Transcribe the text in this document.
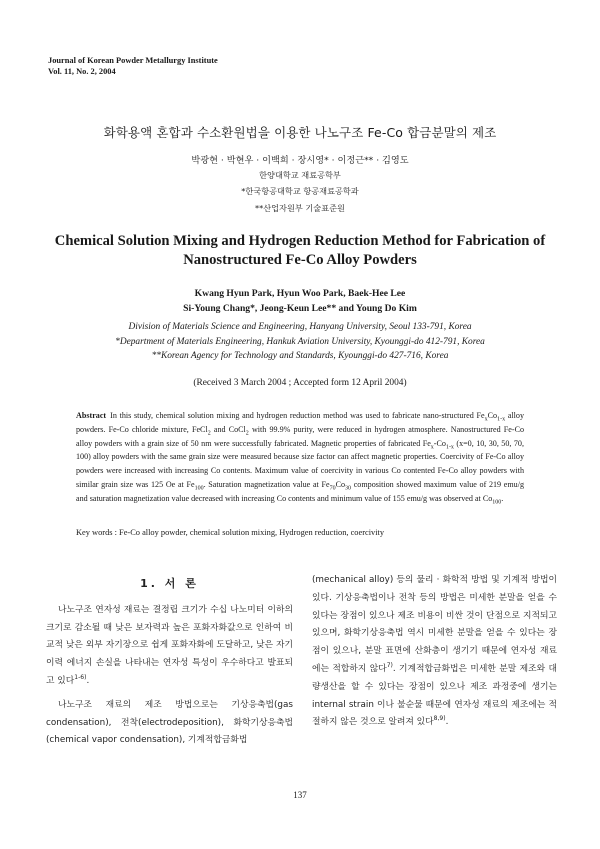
Journal of Korean Powder Metallurgy Institute
Vol. 11, No. 2, 2004
화학용액 혼합과 수소환원법을 이용한 나노구조 Fe-Co 합금분말의 제조
박광현 · 박현우 · 이백희 · 장시영* · 이정근** · 김영도
한양대학교 재료공학부
*한국항공대학교 항공재료공학과
**산업자원부 기술표준원
Chemical Solution Mixing and Hydrogen Reduction Method for Fabrication of
Nanostructured Fe-Co Alloy Powders
Kwang Hyun Park, Hyun Woo Park, Baek-Hee Lee
Si-Young Chang*, Jeong-Keun Lee** and Young Do Kim
Division of Materials Science and Engineering, Hanyang University, Seoul 133-791, Korea
*Department of Materials Engineering, Hankuk Aviation University, Kyounggi-do 412-791, Korea
**Korean Agency for Technology and Standards, Kyounggi-do 427-716, Korea
(Received 3 March 2004 ; Accepted form 12 April 2004)
Abstract In this study, chemical solution mixing and hydrogen reduction method was used to fabricate nano-structured $Fe_xCo_{1-x}$ alloy powders. Fe-Co chloride mixture, FeCl$_2$ and CoCl$_2$ with 99.9% purity, were reduced in hydrogen atmosphere. Nanostructured Fe-Co alloy powders with a grain size of 50 nm were successfully fabricated. Magnetic properties of fabricated $Fe_x-Co_{1-x}$ (x=0, 10, 30, 50, 70, 100) alloy powders with the same grain size were measured because size factor can affect magnetic properties. Coercivity of Fe-Co alloy powders were increased with increasing Co contents. Maximum value of coercivity in various Co contented Fe-Co alloy powders with similar grain size was 125 Oe at $Fe_{100}$. Saturation magnetization value at $Fe_{70}Co_{30}$ composition showed maximum value of 219 emu/g and saturation magnetization value decreased with increasing Co contents and minimum value of 155 emu/g was observed at $Co_{100}$.
Key words : Fe-Co alloy powder, chemical solution mixing, Hydrogen reduction, coercivity
1. 서 론

나노구조 연자성 재료는 결정립 크기가 수십 나노미터 이하의 크기로 감소될 때 낮은 보자력과 높은 포화자화값으로 인하여 비교적 낮은 외부 자기장으로 쉽게 포화자화에 도달하고, 낮은 자기이력 에너지 손실을 나타내는 연자성 특성이 우수하다고 발표되고 있다$^{1-6)}$.

나노구조 재료의 제조 방법으로는 기상응축법(gas condensation), 전착(electrodeposition), 화학기상응축법(chemical vapor condensation), 기계적합금화법

(mechanical alloy) 등의 물리 · 화학적 방법 및 기계적 방법이 있다. 기상응축법이나 전착 등의 방법은 미세한 분말을 얻을 수 있다는 장점이 있으나 제조 비용이 비싼 것이 단점으로 지적되고 있으며, 화학기상응축법 역시 미세한 분말을 얻을 수 있다는 장점이 있으나, 분말 표면에 산화층이 생기기 때문에 연자성 재료에는 적합하지 않다$^{7)}$. 기계적합금화법은 미세한 분말 제조와 대량생산을 할 수 있다는 장점이 있으나 제조 과정중에 생기는 internal strain 이나 불순물 때문에 연자성 재료의 제조에는 적절하지 않은 것으로 알려져 있다$^{8,9)}$.

137
